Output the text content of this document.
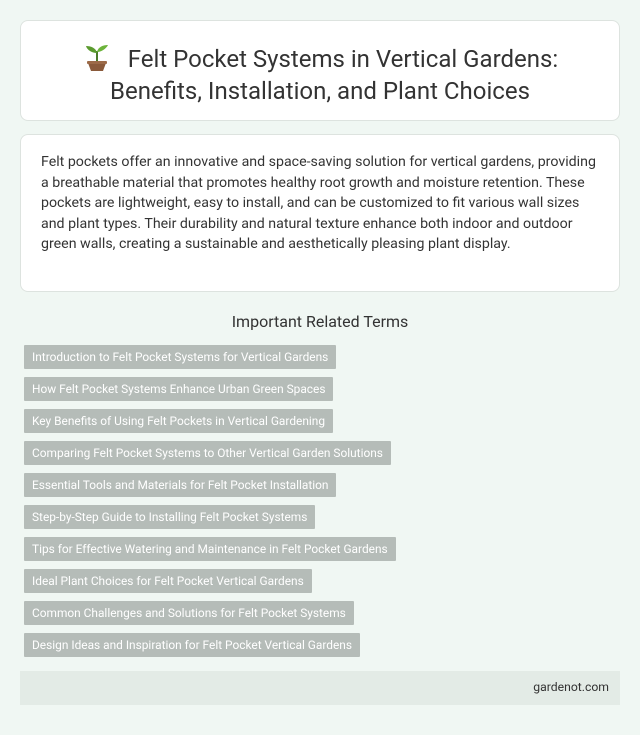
Felt Pocket Systems in Vertical Gardens:
Benefits, Installation, and Plant Choices

Felt pockets offer an innovative and space-saving solution for vertical gardens, providing a breathable material that promotes healthy root growth and moisture retention. These pockets are lightweight, easy to install, and can be customized to fit various wall sizes and plant types. Their durability and natural texture enhance both indoor and outdoor green walls, creating a sustainable and aesthetically pleasing plant display.

Important Related Terms
Introduction to Felt Pocket Systems for Vertical Gardens
How Felt Pocket Systems Enhance Urban Green Spaces
Key Benefits of Using Felt Pockets in Vertical Gardening
Comparing Felt Pocket Systems to Other Vertical Garden Solutions
Essential Tools and Materials for Felt Pocket Installation
Step-by-Step Guide to Installing Felt Pocket Systems
Tips for Effective Watering and Maintenance in Felt Pocket Gardens
Ideal Plant Choices for Felt Pocket Vertical Gardens
Common Challenges and Solutions for Felt Pocket Systems
Design Ideas and Inspiration for Felt Pocket Vertical Gardens
gardenot.com
